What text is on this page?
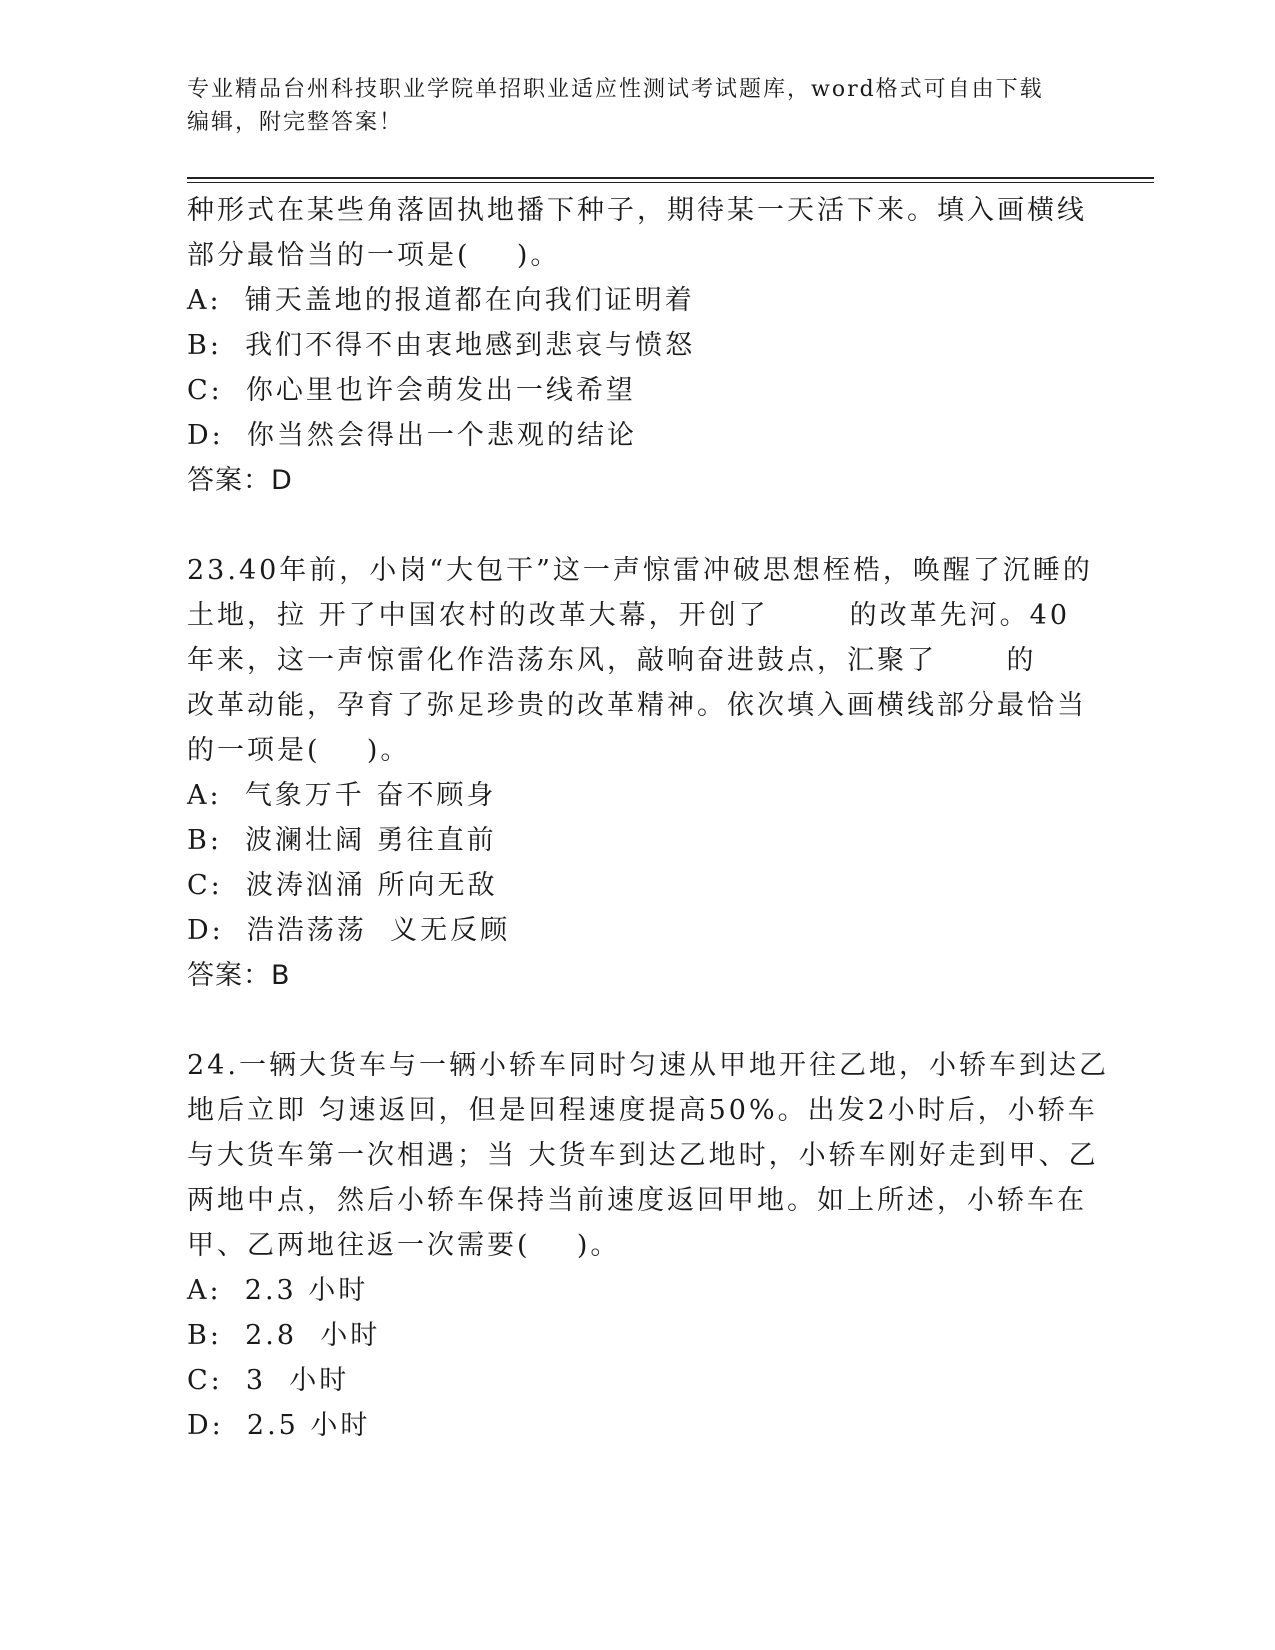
专业精品台州科技职业学院单招职业适应性测试考试题库，word格式可自由下载
编辑，附完整答案！
种形式在某些角落固执地播下种子，期待某一天活下来。填入画横线
部分最恰当的一项是(    )。
A:  铺天盖地的报道都在向我们证明着
B:  我们不得不由衷地感到悲哀与愤怒
C:  你心里也许会萌发出一线希望
D:  你当然会得出一个悲观的结论
答案：D
23.40年前，小岗“大包干”这一声惊雷冲破思想桎梏，唤醒了沉睡的
土地，拉 开了中国农村的改革大幕，开创了       的改革先河。40
年来，这一声惊雷化作浩荡东风，敲响奋进鼓点，汇聚了      的
改革动能，孕育了弥足珍贵的改革精神。依次填入画横线部分最恰当
的一项是(    )。
A:  气象万千 奋不顾身
B:  波澜壮阔 勇往直前
C:  波涛汹涌 所向无敌
D:  浩浩荡荡  义无反顾
答案：B
24.一辆大货车与一辆小轿车同时匀速从甲地开往乙地，小轿车到达乙
地后立即 匀速返回，但是回程速度提高50%。出发2小时后，小轿车
与大货车第一次相遇；当 大货车到达乙地时，小轿车刚好走到甲、乙
两地中点，然后小轿车保持当前速度返回甲地。如上所述，小轿车在
甲、乙两地往返一次需要(    )。
A:  2.3 小时
B:  2.8  小时
C:  3  小时
D:  2.5 小时
